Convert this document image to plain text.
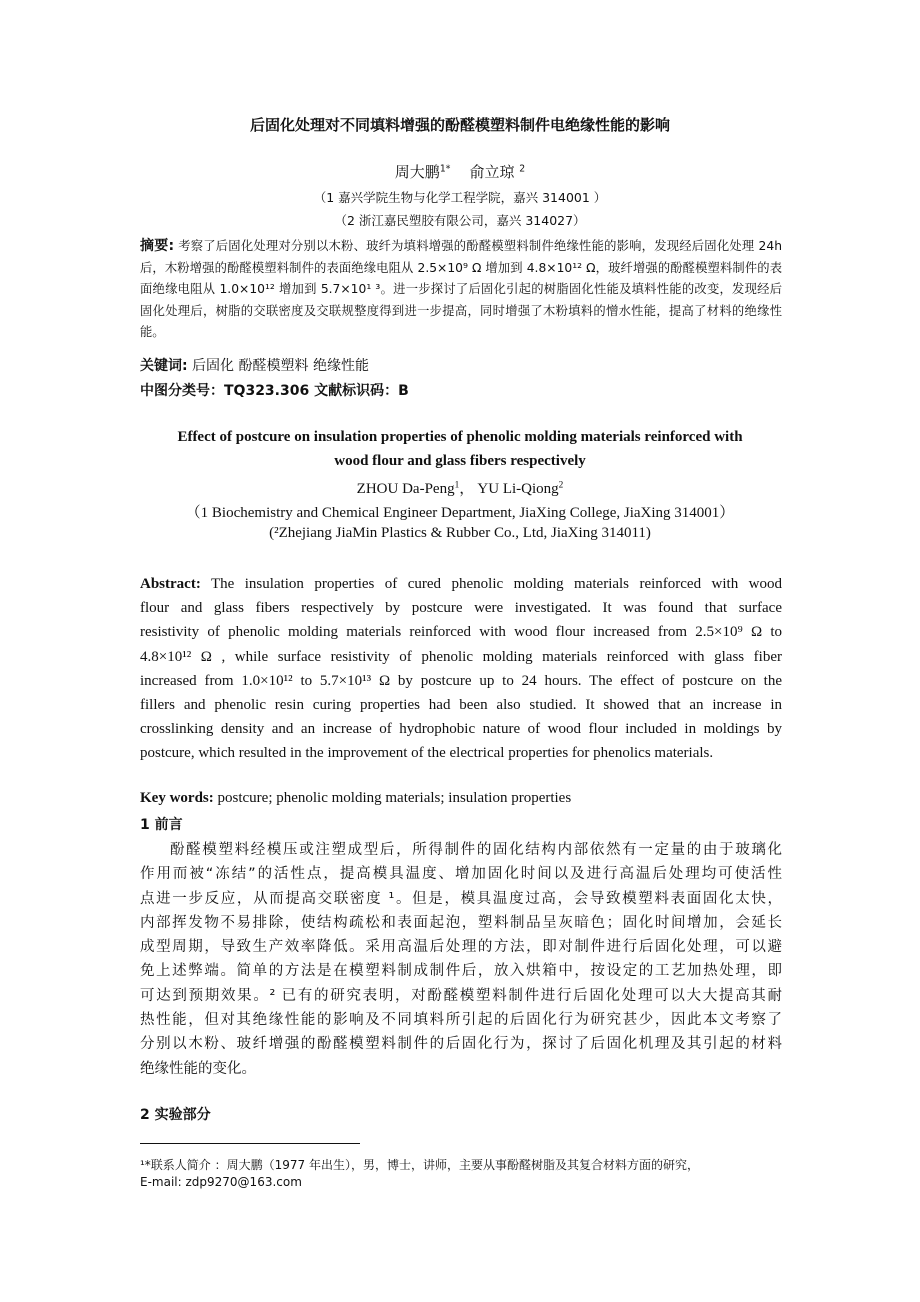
后固化处理对不同填料增强的酚醛模塑料制件电绝缘性能的影响
周大鹏$^{1*}$ 俞立琼 $^2$
（1 嘉兴学院生物与化学工程学院，嘉兴 314001 ）
（2 浙江嘉民塑胶有限公司，嘉兴 314027）
摘要: 考察了后固化处理对分别以木粉、玻纤为填料增强的酚醛模塑料制件绝缘性能的影响，发现经后固化处理 24h 后，木粉增强的酚醛模塑料制件的表面绝缘电阻从 2.5×10⁹ Ω 增加到 4.8×10¹² Ω，玻纤增强的酚醛模塑料制件的表面绝缘电阻从 1.0×10¹² 增加到 5.7×10¹ ³。进一步探讨了后固化引起的树脂固化性能及填料性能的改变，发现经后固化处理后，树脂的交联密度及交联规整度得到进一步提高，同时增强了木粉填料的憎水性能，提高了材料的绝缘性能。
关键词: 后固化 酚醛模塑料 绝缘性能
中图分类号：TQ323.306 文献标识码：B
Effect of postcure on insulation properties of phenolic molding materials reinforced with
wood flour and glass fibers respectively
ZHOU Da-Peng$^1$， YU Li-Qiong$^2$
（1 Biochemistry and Chemical Engineer Department, JiaXing College, JiaXing 314001）
(²Zhejiang JiaMin Plastics & Rubber Co., Ltd, JiaXing 314011)
Abstract: The insulation properties of cured phenolic molding materials reinforced with wood
flour and glass fibers respectively by postcure were investigated. It was found that surface
resistivity of phenolic molding materials reinforced with wood flour increased from 2.5×10⁹ Ω to
4.8×10¹² Ω , while surface resistivity of phenolic molding materials reinforced with glass fiber
increased from 1.0×10¹² to 5.7×10¹³ Ω by postcure up to 24 hours. The effect of postcure on the
fillers and phenolic resin curing properties had been also studied. It showed that an increase in
crosslinking density and an increase of hydrophobic nature of wood flour included in moldings by
postcure, which resulted in the improvement of the electrical properties for phenolics materials.
Key words: postcure; phenolic molding materials; insulation properties
1 前言
酚醛模塑料经模压或注塑成型后，所得制件的固化结构内部依然有一定量的由于玻璃化
作用而被“冻结”的活性点，提高模具温度、增加固化时间以及进行高温后处理均可使活性
点进一步反应，从而提高交联密度 ¹。但是，模具温度过高，会导致模塑料表面固化太快，
内部挥发物不易排除，使结构疏松和表面起泡，塑料制品呈灰暗色；固化时间增加，会延长
成型周期，导致生产效率降低。采用高温后处理的方法，即对制件进行后固化处理，可以避
免上述弊端。简单的方法是在模塑料制成制件后，放入烘箱中，按设定的工艺加热处理，即
可达到预期效果。² 已有的研究表明，对酚醛模塑料制件进行后固化处理可以大大提高其耐
热性能，但对其绝缘性能的影响及不同填料所引起的后固化行为研究甚少，因此本文考察了
分别以木粉、玻纤增强的酚醛模塑料制件的后固化行为，探讨了后固化机理及其引起的材料
绝缘性能的变化。
2 实验部分
¹*联系人简介 ：周大鹏（1977 年出生），男，博士，讲师，主要从事酚醛树脂及其复合材料方面的研究，
E-mail: zdp9270@163.com
